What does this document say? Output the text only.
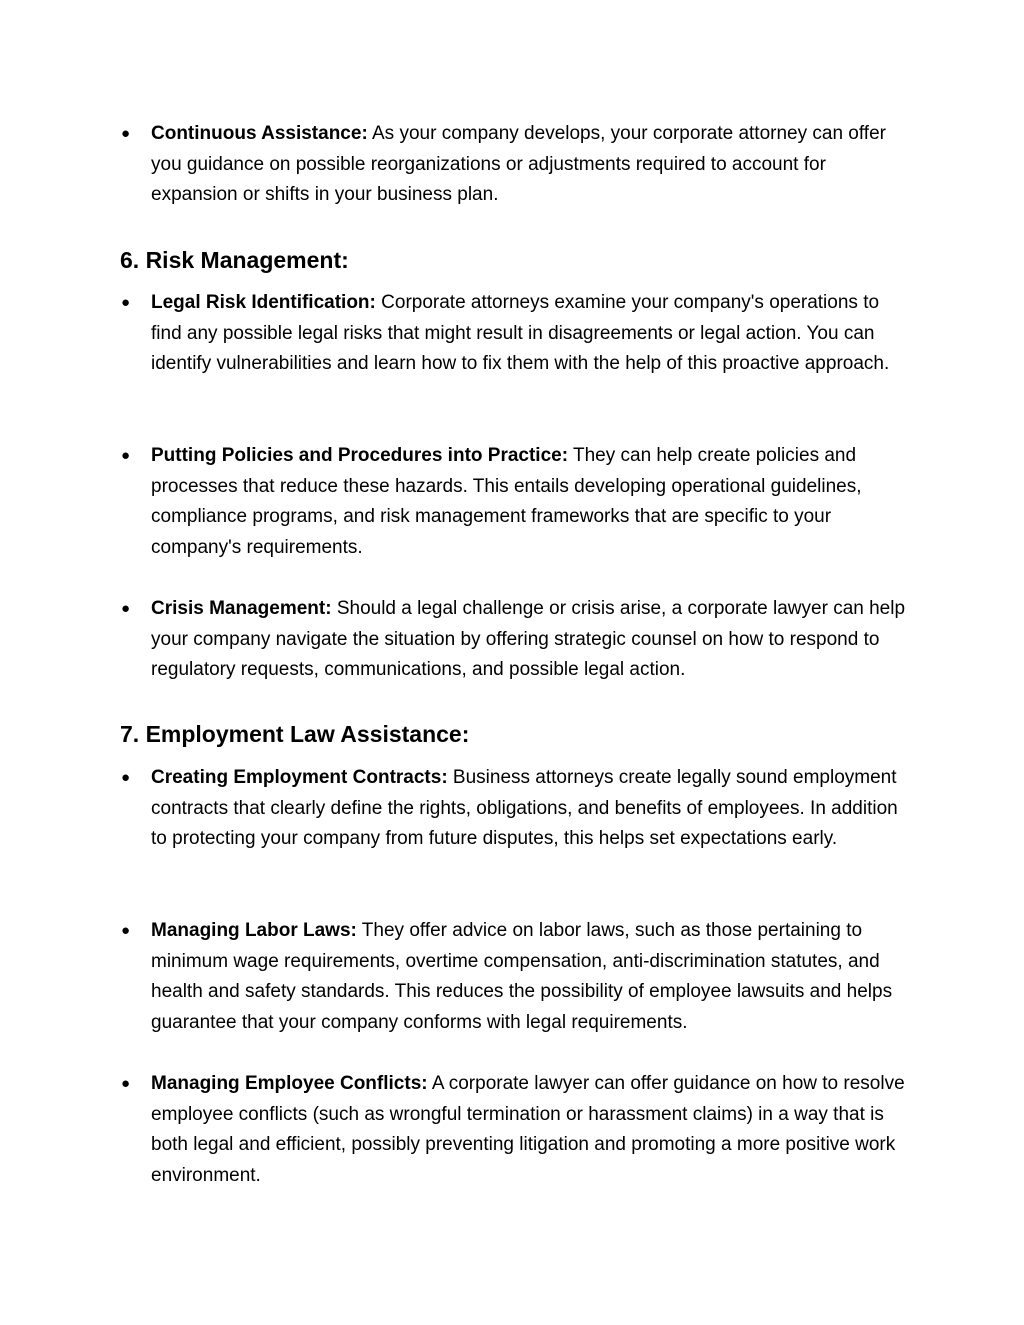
● Continuous Assistance: As your company develops, your corporate attorney can offer you guidance on possible reorganizations or adjustments required to account for expansion or shifts in your business plan.
6. Risk Management:
● Legal Risk Identification: Corporate attorneys examine your company's operations to find any possible legal risks that might result in disagreements or legal action. You can identify vulnerabilities and learn how to fix them with the help of this proactive approach.
● Putting Policies and Procedures into Practice: They can help create policies and processes that reduce these hazards. This entails developing operational guidelines, compliance programs, and risk management frameworks that are specific to your company's requirements.
● Crisis Management: Should a legal challenge or crisis arise, a corporate lawyer can help your company navigate the situation by offering strategic counsel on how to respond to regulatory requests, communications, and possible legal action.
7. Employment Law Assistance:
● Creating Employment Contracts: Business attorneys create legally sound employment contracts that clearly define the rights, obligations, and benefits of employees. In addition to protecting your company from future disputes, this helps set expectations early.
● Managing Labor Laws: They offer advice on labor laws, such as those pertaining to minimum wage requirements, overtime compensation, anti-discrimination statutes, and health and safety standards. This reduces the possibility of employee lawsuits and helps guarantee that your company conforms with legal requirements.
● Managing Employee Conflicts: A corporate lawyer can offer guidance on how to resolve employee conflicts (such as wrongful termination or harassment claims) in a way that is both legal and efficient, possibly preventing litigation and promoting a more positive work environment.
